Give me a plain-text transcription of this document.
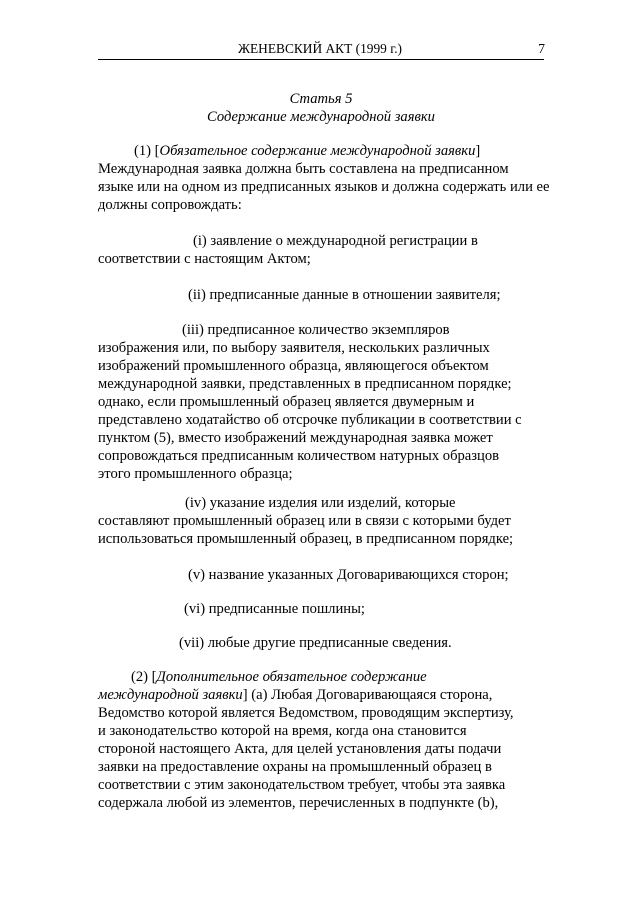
ЖЕНЕВСКИЙ АКТ (1999 г.)	7
Статья 5
Содержание международной заявки
(1) [Обязательное содержание международной заявки]
Международная заявка должна быть составлена на предписанном
языке или на одном из предписанных языков и должна содержать или ее
должны сопровождать:
(i) заявление о международной регистрации в
соответствии с настоящим Актом;
(ii) предписанные данные в отношении заявителя;
(iii) предписанное количество экземпляров
изображения или, по выбору заявителя, нескольких различных
изображений промышленного образца, являющегося объектом
международной заявки, представленных в предписанном порядке;
однако, если промышленный образец является двумерным и
представлено ходатайство об отсрочке публикации в соответствии с
пунктом (5), вместо изображений международная заявка может
сопровождаться предписанным количеством натурных образцов
этого промышленного образца;
(iv) указание изделия или изделий, которые
составляют промышленный образец или в связи с которыми будет
использоваться промышленный образец, в предписанном порядке;
(v) название указанных Договаривающихся сторон;
(vi) предписанные пошлины;
(vii) любые другие предписанные сведения.
(2) [Дополнительное обязательное содержание
международной заявки] (a) Любая Договаривающаяся сторона,
Ведомство которой является Ведомством, проводящим экспертизу,
и законодательство которой на время, когда она становится
стороной настоящего Акта, для целей установления даты подачи
заявки на предоставление охраны на промышленный образец в
соответствии с этим законодательством требует, чтобы эта заявка
содержала любой из элементов, перечисленных в подпункте (b),
